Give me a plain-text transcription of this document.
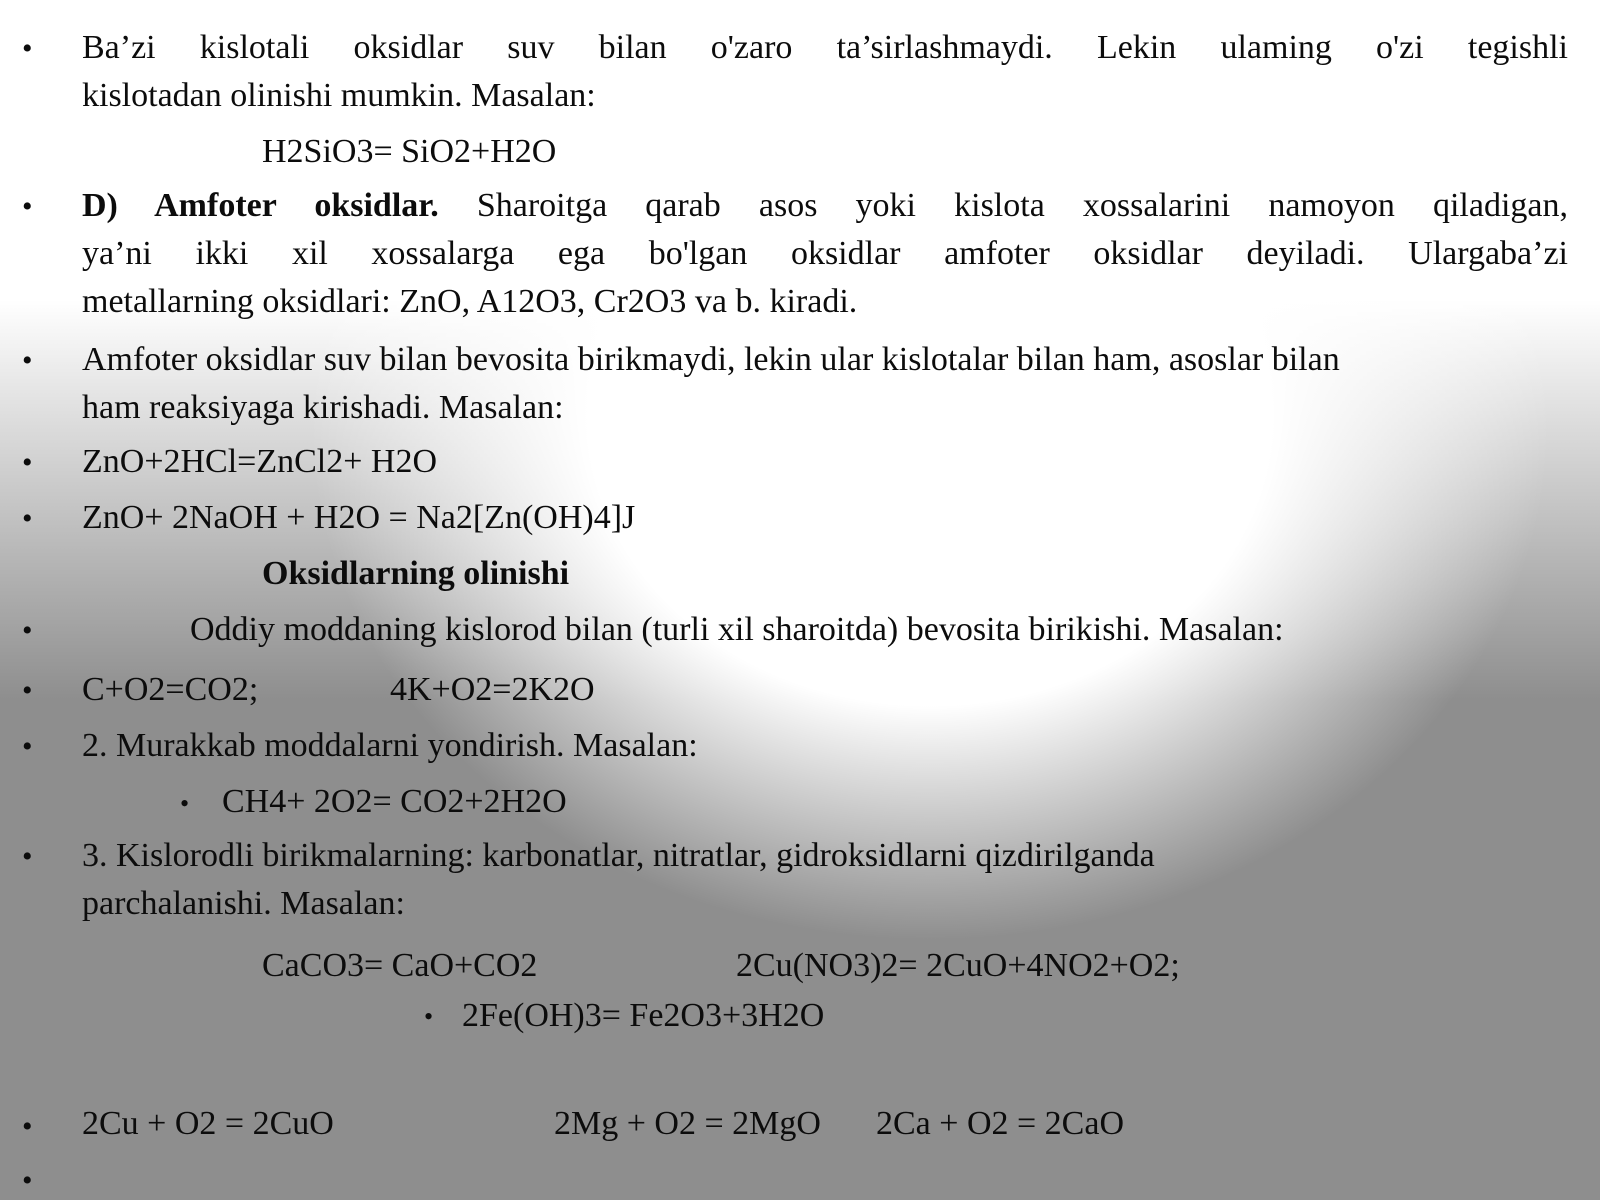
• Ba’zi kislotali oksidlar suv bilan o'zaro ta’sirlashmaydi. Lekin ulaming o'zi tegishli
kislotadan olinishi mumkin. Masalan:
H2SiO3= SiO2+H2O
• D) Amfoter oksidlar. Sharoitga qarab asos yoki kislota xossalarini namoyon qiladigan,
ya’ni ikki xil xossalarga ega bo'lgan oksidlar amfoter oksidlar deyiladi. Ulargaba’zi
metallarning oksidlari: ZnO, A12O3, Cr2O3 va b. kiradi.
• Amfoter oksidlar suv bilan bevosita birikmaydi, lekin ular kislotalar bilan ham, asoslar bilan
ham reaksiyaga kirishadi. Masalan:
• ZnO+2HCl=ZnCl2+ H2O
• ZnO+ 2NaOH + H2O = Na2[Zn(OH)4]J
Oksidlarning olinishi
•	Oddiy moddaning kislorod bilan (turli xil sharoitda) bevosita birikishi. Masalan:
• C+O2=CO2;	4K+O2=2K2O
• 2. Murakkab moddalarni yondirish. Masalan:
• CH4+ 2O2= CO2+2H2O
• 3. Kislorodli birikmalarning: karbonatlar, nitratlar, gidroksidlarni qizdirilganda
parchalanishi. Masalan:
CaCO3= CaO+CO2	2Cu(NO3)2= 2CuO+4NO2+O2;
• 2Fe(OH)3= Fe2O3+3H2O
• 2Cu + O2 = 2CuO	2Mg + O2 = 2MgO 2Ca + O2 = 2CaO
•
